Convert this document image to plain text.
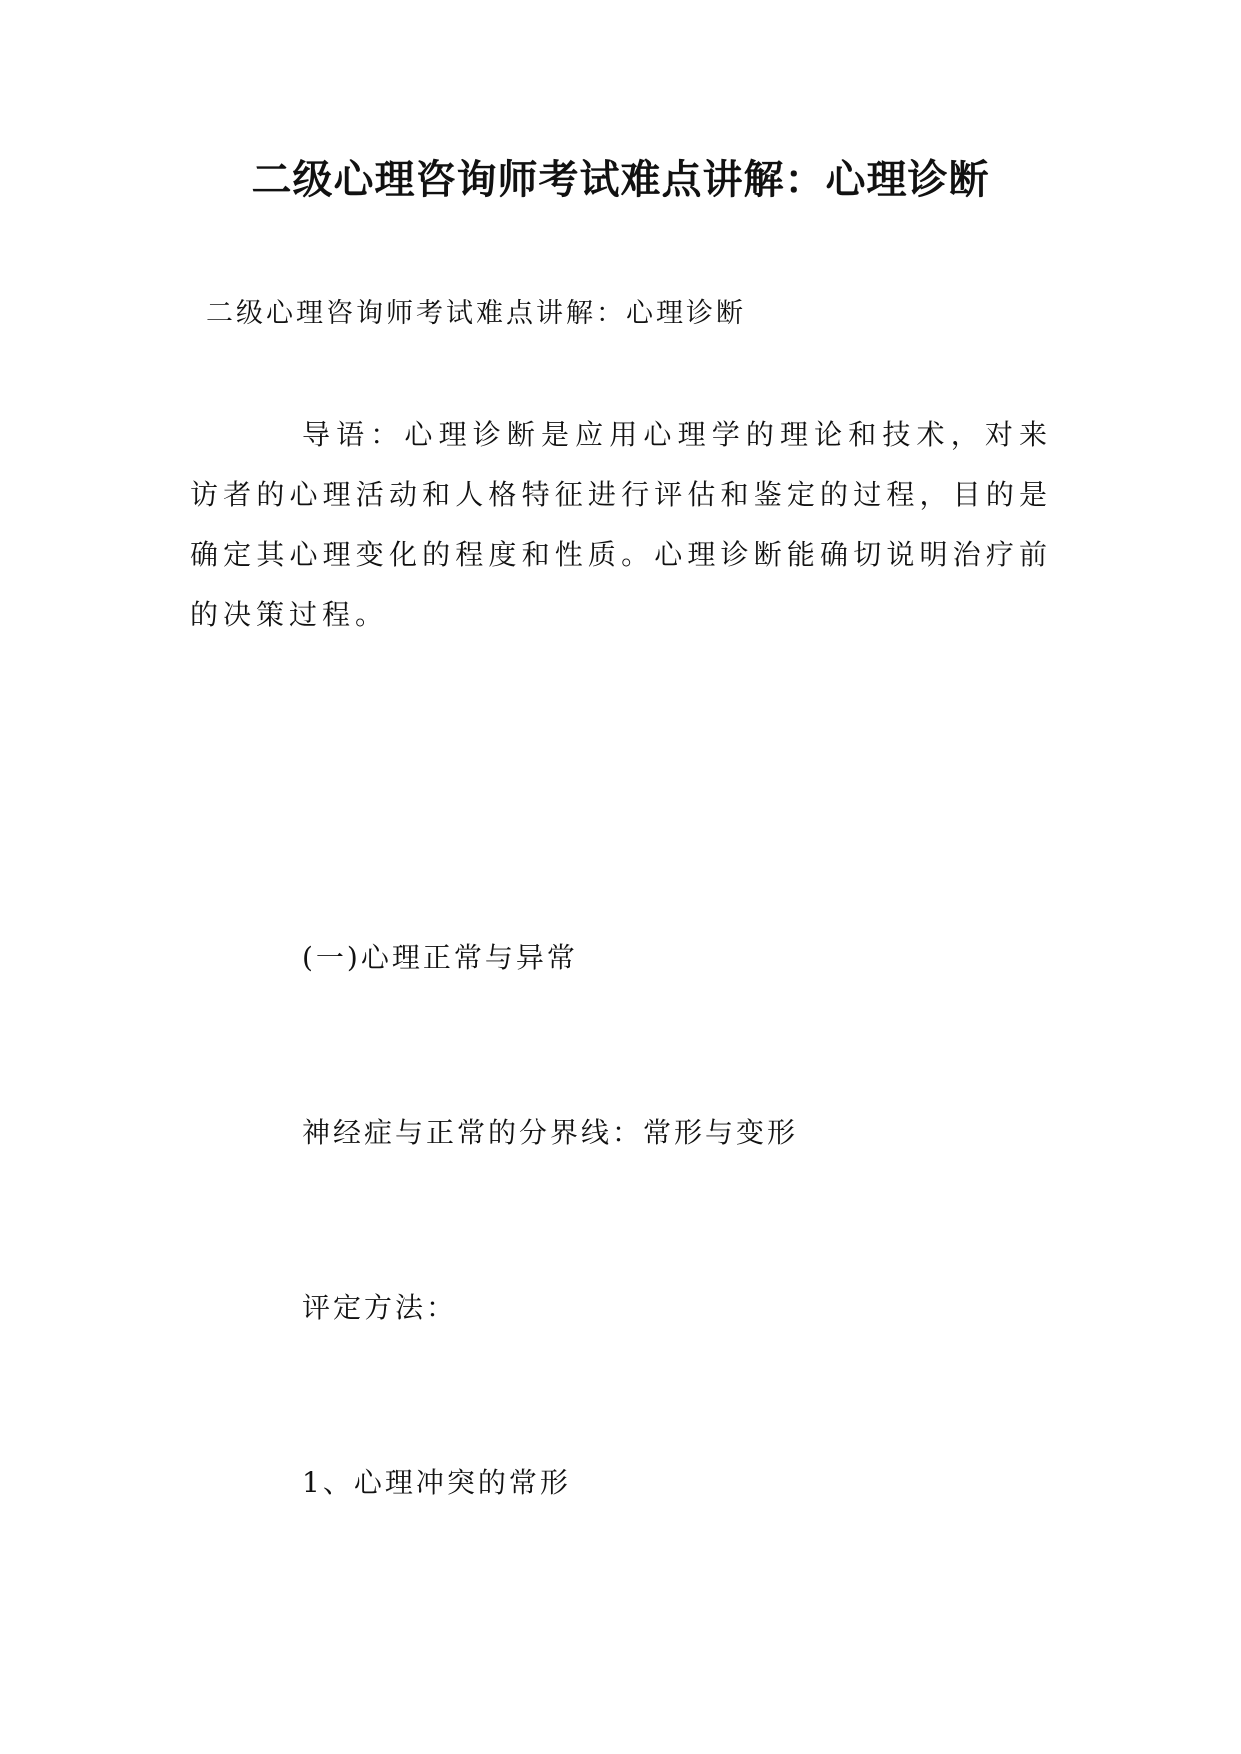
二级心理咨询师考试难点讲解：心理诊断

二级心理咨询师考试难点讲解：心理诊断

导语：心理诊断是应用心理学的理论和技术，对来访者的心理活动和人格特征进行评估和鉴定的过程，目的是确定其心理变化的程度和性质。心理诊断能确切说明治疗前的决策过程。

(一)心理正常与异常

神经症与正常的分界线：常形与变形

评定方法：

1、心理冲突的常形
